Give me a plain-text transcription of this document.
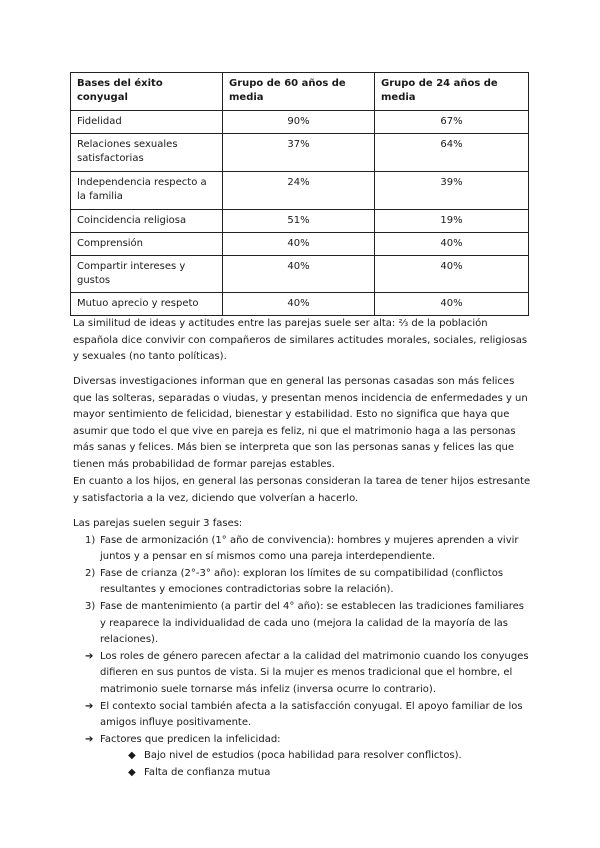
Bases del éxito conyugal	Grupo de 60 años de media	Grupo de 24 años de media
Fidelidad	90%	67%
Relaciones sexuales satisfactorias	37%	64%
Independencia respecto a la familia	24%	39%
Coincidencia religiosa	51%	19%
Comprensión	40%	40%
Compartir intereses y gustos	40%	40%
Mutuo aprecio y respeto	40%	40%

La similitud de ideas y actitudes entre las parejas suele ser alta: ⅔ de la población española dice convivir con compañeros de similares actitudes morales, sociales, religiosas y sexuales (no tanto políticas).

Diversas investigaciones informan que en general las personas casadas son más felices que las solteras, separadas o viudas, y presentan menos incidencia de enfermedades y un mayor sentimiento de felicidad, bienestar y estabilidad. Esto no significa que haya que asumir que todo el que vive en pareja es feliz, ni que el matrimonio haga a las personas más sanas y felices. Más bien se interpreta que son las personas sanas y felices las que tienen más probabilidad de formar parejas estables.

En cuanto a los hijos, en general las personas consideran la tarea de tener hijos estresante y satisfactoria a la vez, diciendo que volverían a hacerlo.

Las parejas suelen seguir 3 fases:

1) Fase de armonización (1° año de convivencia): hombres y mujeres aprenden a vivir juntos y a pensar en sí mismos como una pareja interdependiente.
2) Fase de crianza (2°-3° año): exploran los límites de su compatibilidad (conflictos resultantes y emociones contradictorias sobre la relación).
3) Fase de mantenimiento (a partir del 4° año): se establecen las tradiciones familiares y reaparece la individualidad de cada uno (mejora la calidad de la mayoría de las relaciones).
➔ Los roles de género parecen afectar a la calidad del matrimonio cuando los conyuges difieren en sus puntos de vista. Si la mujer es menos tradicional que el hombre, el matrimonio suele tornarse más infeliz (inversa ocurre lo contrario).
➔ El contexto social también afecta a la satisfacción conyugal. El apoyo familiar de los amigos influye positivamente.
➔ Factores que predicen la infelicidad:
◆ Bajo nivel de estudios (poca habilidad para resolver conflictos).
◆ Falta de confianza mutua
